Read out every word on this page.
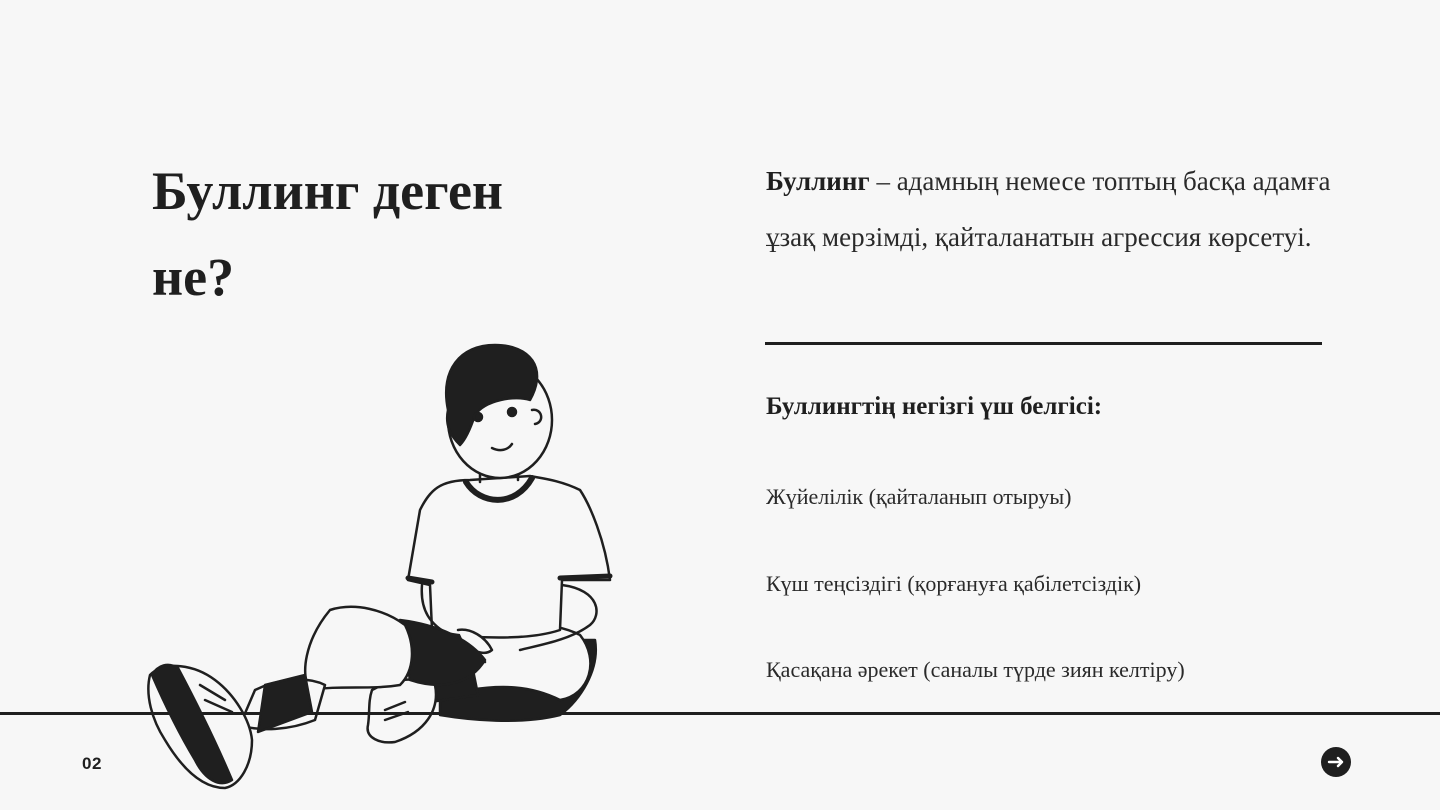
Буллинг деген
не?

Буллинг – адамның немесе топтың басқа адамға ұзақ мерзімді, қайталанатын агрессия көрсетуі.

Буллингтің негізгі үш белгісі:

Жүйелілік (қайталанып отыруы)

Күш теңсіздігі (қорғануға қабілетсіздік)

Қасақана әрекет (саналы түрде зиян келтіру)

02
